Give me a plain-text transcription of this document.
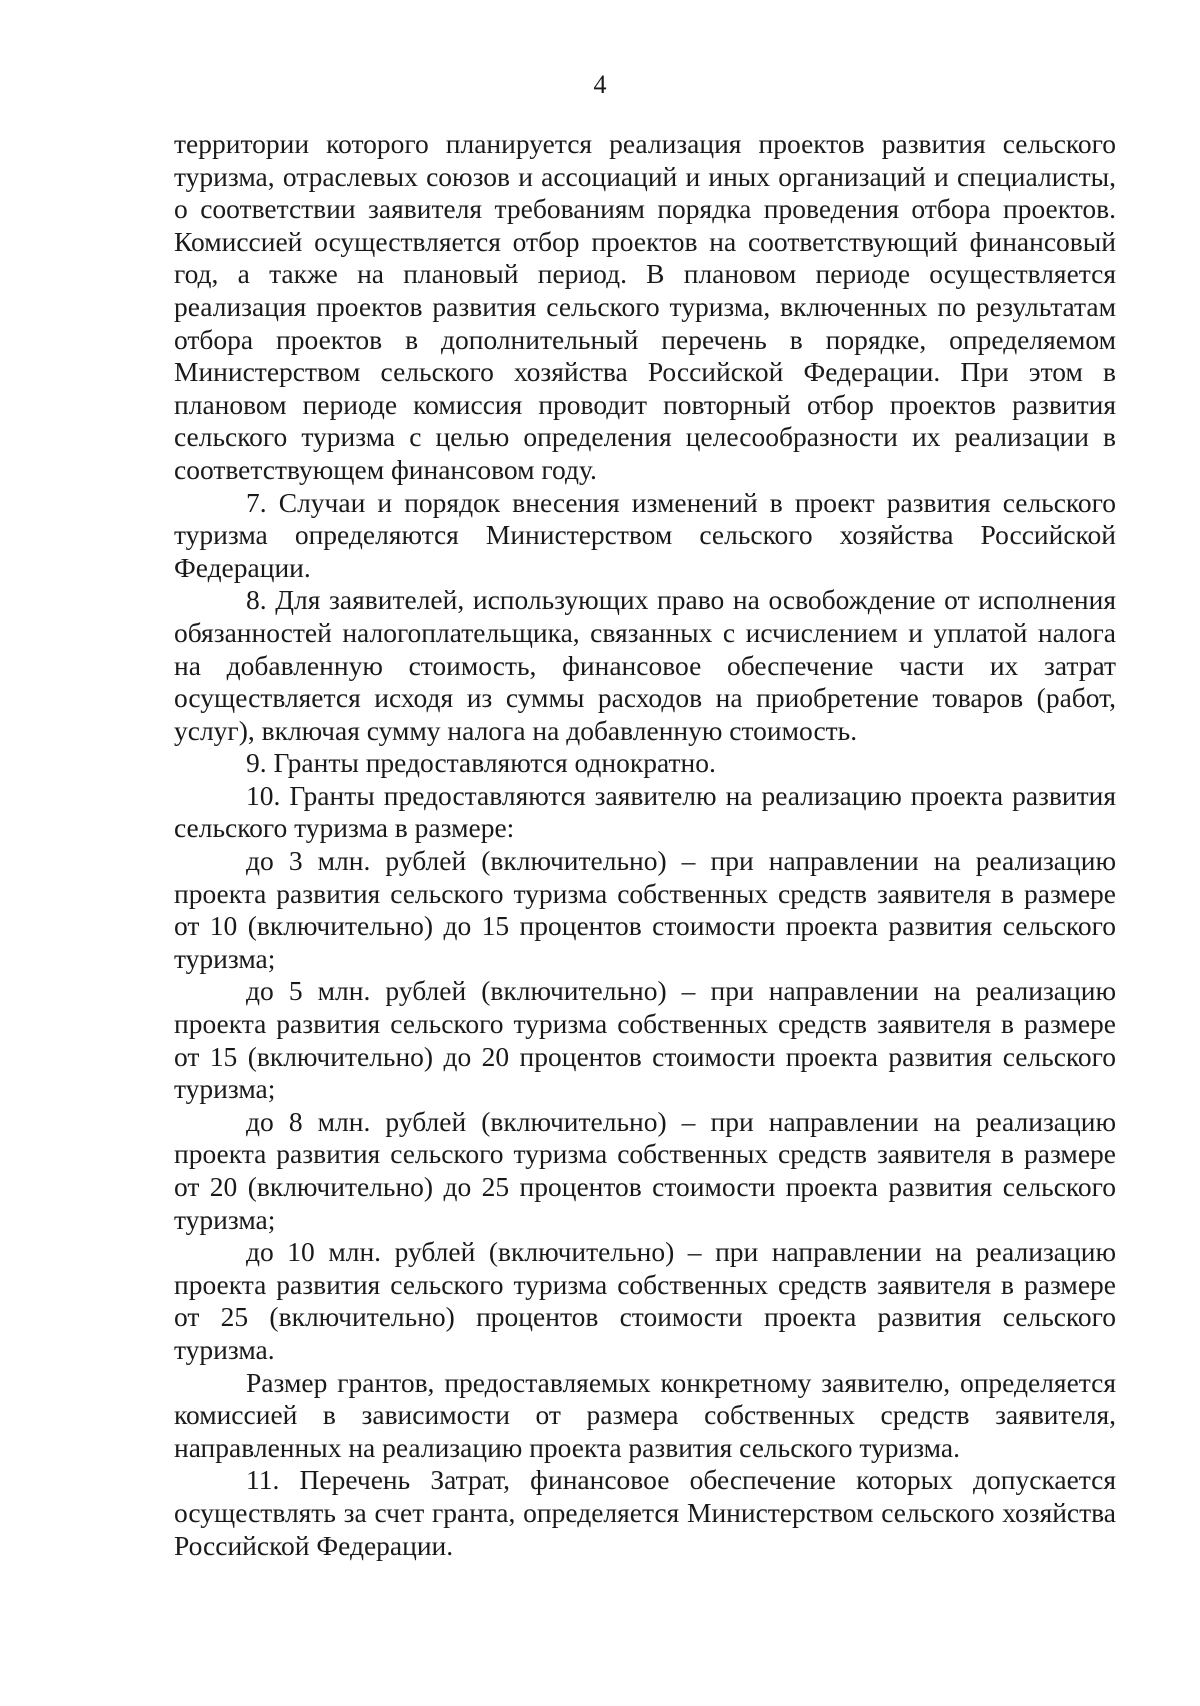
4

территории которого планируется реализация проектов развития сельского туризма, отраслевых союзов и ассоциаций и иных организаций и специалисты, о соответствии заявителя требованиям порядка проведения отбора проектов. Комиссией осуществляется отбор проектов на соответствующий финансовый год, а также на плановый период. В плановом периоде осуществляется реализация проектов развития сельского туризма, включенных по результатам отбора проектов в дополнительный перечень в порядке, определяемом Министерством сельского хозяйства Российской Федерации. При этом в плановом периоде комиссия проводит повторный отбор проектов развития сельского туризма с целью определения целесообразности их реализации в соответствующем финансовом году.

7. Случаи и порядок внесения изменений в проект развития сельского туризма определяются Министерством сельского хозяйства Российской Федерации.

8. Для заявителей, использующих право на освобождение от исполнения обязанностей налогоплательщика, связанных с исчислением и уплатой налога на добавленную стоимость, финансовое обеспечение части их затрат осуществляется исходя из суммы расходов на приобретение товаров (работ, услуг), включая сумму налога на добавленную стоимость.

9. Гранты предоставляются однократно.

10. Гранты предоставляются заявителю на реализацию проекта развития сельского туризма в размере:

до 3 млн. рублей (включительно) – при направлении на реализацию проекта развития сельского туризма собственных средств заявителя в размере от 10 (включительно) до 15 процентов стоимости проекта развития сельского туризма;

до 5 млн. рублей (включительно) – при направлении на реализацию проекта развития сельского туризма собственных средств заявителя в размере от 15 (включительно) до 20 процентов стоимости проекта развития сельского туризма;

до 8 млн. рублей (включительно) – при направлении на реализацию проекта развития сельского туризма собственных средств заявителя в размере от 20 (включительно) до 25 процентов стоимости проекта развития сельского туризма;

до 10 млн. рублей (включительно) – при направлении на реализацию проекта развития сельского туризма собственных средств заявителя в размере от 25 (включительно) процентов стоимости проекта развития сельского туризма.

Размер грантов, предоставляемых конкретному заявителю, определяется комиссией в зависимости от размера собственных средств заявителя, направленных на реализацию проекта развития сельского туризма.

11. Перечень Затрат, финансовое обеспечение которых допускается осуществлять за счет гранта, определяется Министерством сельского хозяйства Российской Федерации.
